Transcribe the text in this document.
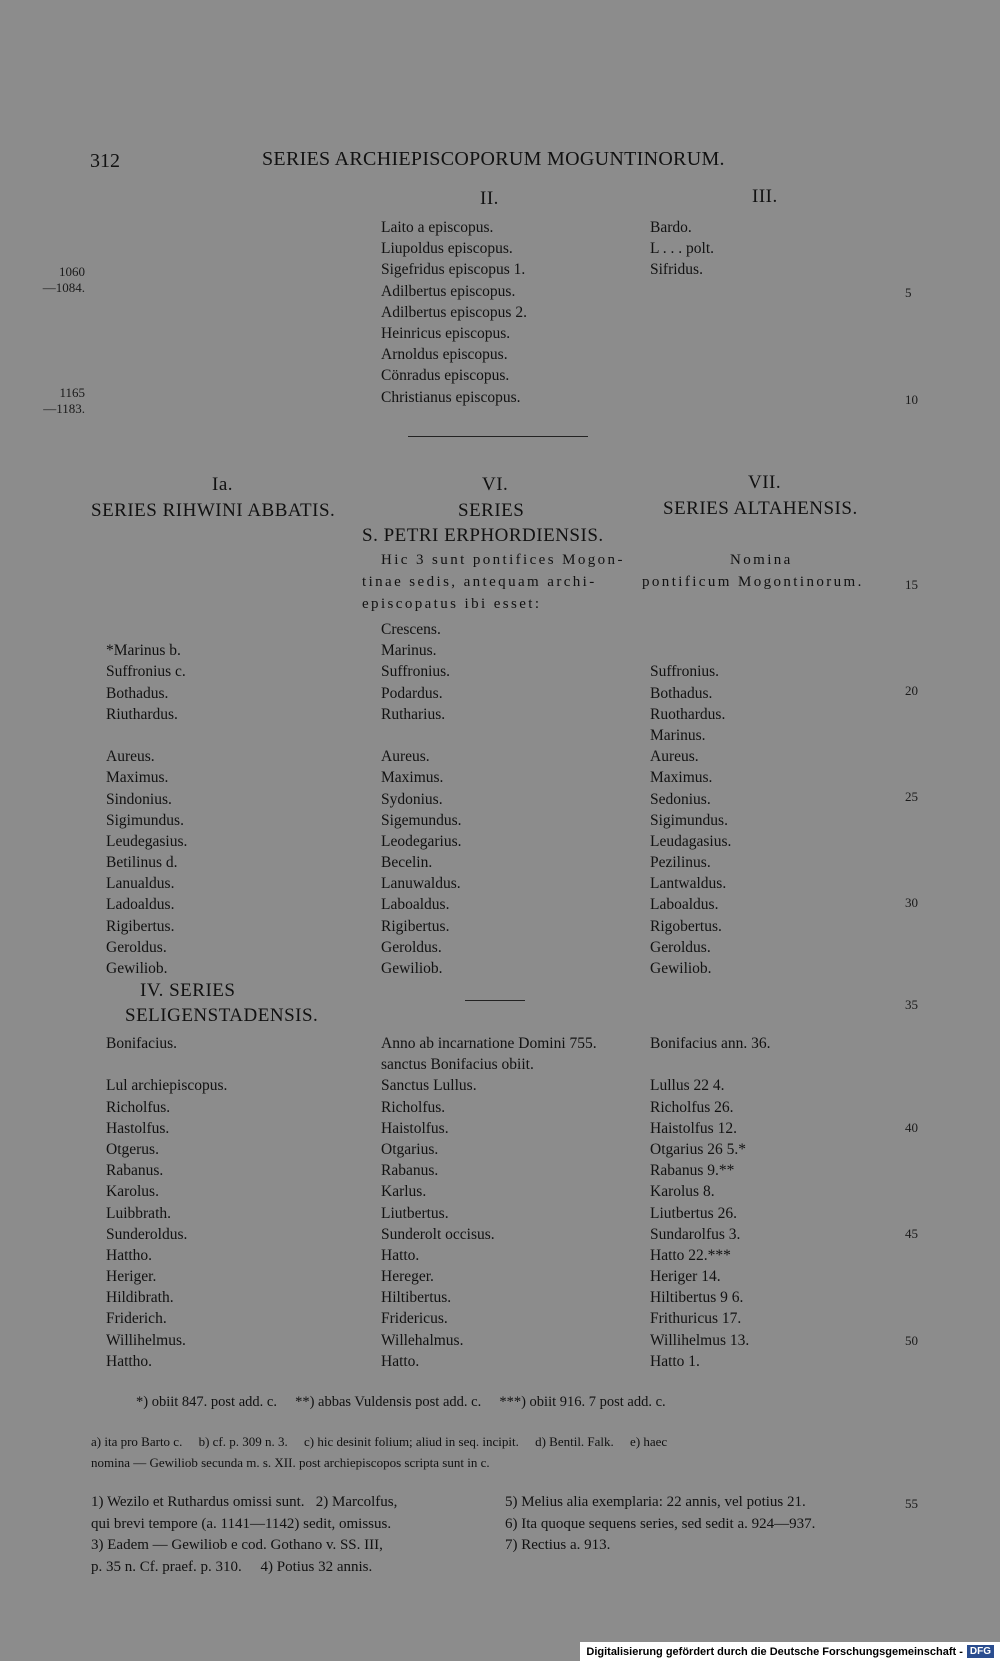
312	SERIES ARCHIEPISCOPORUM MOGUNTINORUM.
II.	III.
Laito a episcopus.
Liupoldus episcopus.
Sigefridus episcopus 1.
Adilbertus episcopus.
Adilbertus episcopus 2.
Heinricus episcopus.
Arnoldus episcopus.
Cönradus episcopus.
Christianus episcopus.
Bardo.
L . . . polt.
Sifridus.
1060
—1084.
1165
—1183.
5
10
Ia.
SERIES RIHWINI ABBATIS.
VI.
SERIES
S. PETRI ERPHORDIENSIS.
VII.
SERIES ALTAHENSIS.
Hic 3 sunt pontifices Mogon-
tinae sedis, antequam archi-
episcopatus ibi esset:
Nomina
pontificum Mogontinorum.

*Marinus b.
Suffronius c.
Bothadus.
Riuthardus.

Aureus.
Maximus.
Sindonius.
Sigimundus.
Leudegasius.
Betilinus d.
Lanualdus.
Ladoaldus.
Rigibertus.
Geroldus.
Gewiliob.
Crescens.
Marinus.
Suffronius.
Podardus.
Rutharius.

Aureus.
Maximus.
Sydonius.
Sigemundus.
Leodegarius.
Becelin.
Lanuwaldus.
Laboaldus.
Rigibertus.
Geroldus.
Gewiliob.

Suffronius.
Bothadus.
Ruothardus.
Marinus.
Aureus.
Maximus.
Sedonius.
Sigimundus.
Leudagasius.
Pezilinus.
Lantwaldus.
Laboaldus.
Rigobertus.
Geroldus.
Gewiliob.
15
20
25
30
IV. SERIES
SELIGENSTADENSIS.
Bonifacius.

Lul archiepiscopus.
Richolfus.
Hastolfus.
Otgerus.
Rabanus.
Karolus.
Luibbrath.
Sunderoldus.
Hattho.
Heriger.
Hildibrath.
Friderich.
Willihelmus.
Hattho.
Anno ab incarnatione Domini 755.
sanctus Bonifacius obiit.
Sanctus Lullus.
Richolfus.
Haistolfus.
Otgarius.
Rabanus.
Karlus.
Liutbertus.
Sunderolt occisus.
Hatto.
Hereger.
Hiltibertus.
Fridericus.
Willehalmus.
Hatto.
Bonifacius ann. 36.

Lullus 22 4.
Richolfus 26.
Haistolfus 12.
Otgarius 26 5.*
Rabanus 9.**
Karolus 8.
Liutbertus 26.
Sundarolfus 3.
Hatto 22.***
Heriger 14.
Hiltibertus 9 6.
Frithuricus 17.
Willihelmus 13.
Hatto 1.
35
40
45
50
*) obiit 847. post add. c.     **) abbas Vuldensis post add. c.     ***) obiit 916. 7 post add. c.
a) ita pro Barto c.     b) cf. p. 309 n. 3.     c) hic desinit folium; aliud in seq. incipit.     d) Bentil. Falk.     e) haec
nomina — Gewiliob secunda m. s. XII. post archiepiscopos scripta sunt in c.
1) Wezilo et Ruthardus omissi sunt.   2) Marcolfus,
qui brevi tempore (a. 1141—1142) sedit, omissus.
3) Eadem — Gewiliob e cod. Gothano v. SS. III,
p. 35 n. Cf. praef. p. 310.     4) Potius 32 annis.
5) Melius alia exemplaria: 22 annis, vel potius 21.
6) Ita quoque sequens series, sed sedit a. 924—937.
7) Rectius a. 913.
55
Digitalisierung gefördert durch die Deutsche Forschungsgemeinschaft - DFG
